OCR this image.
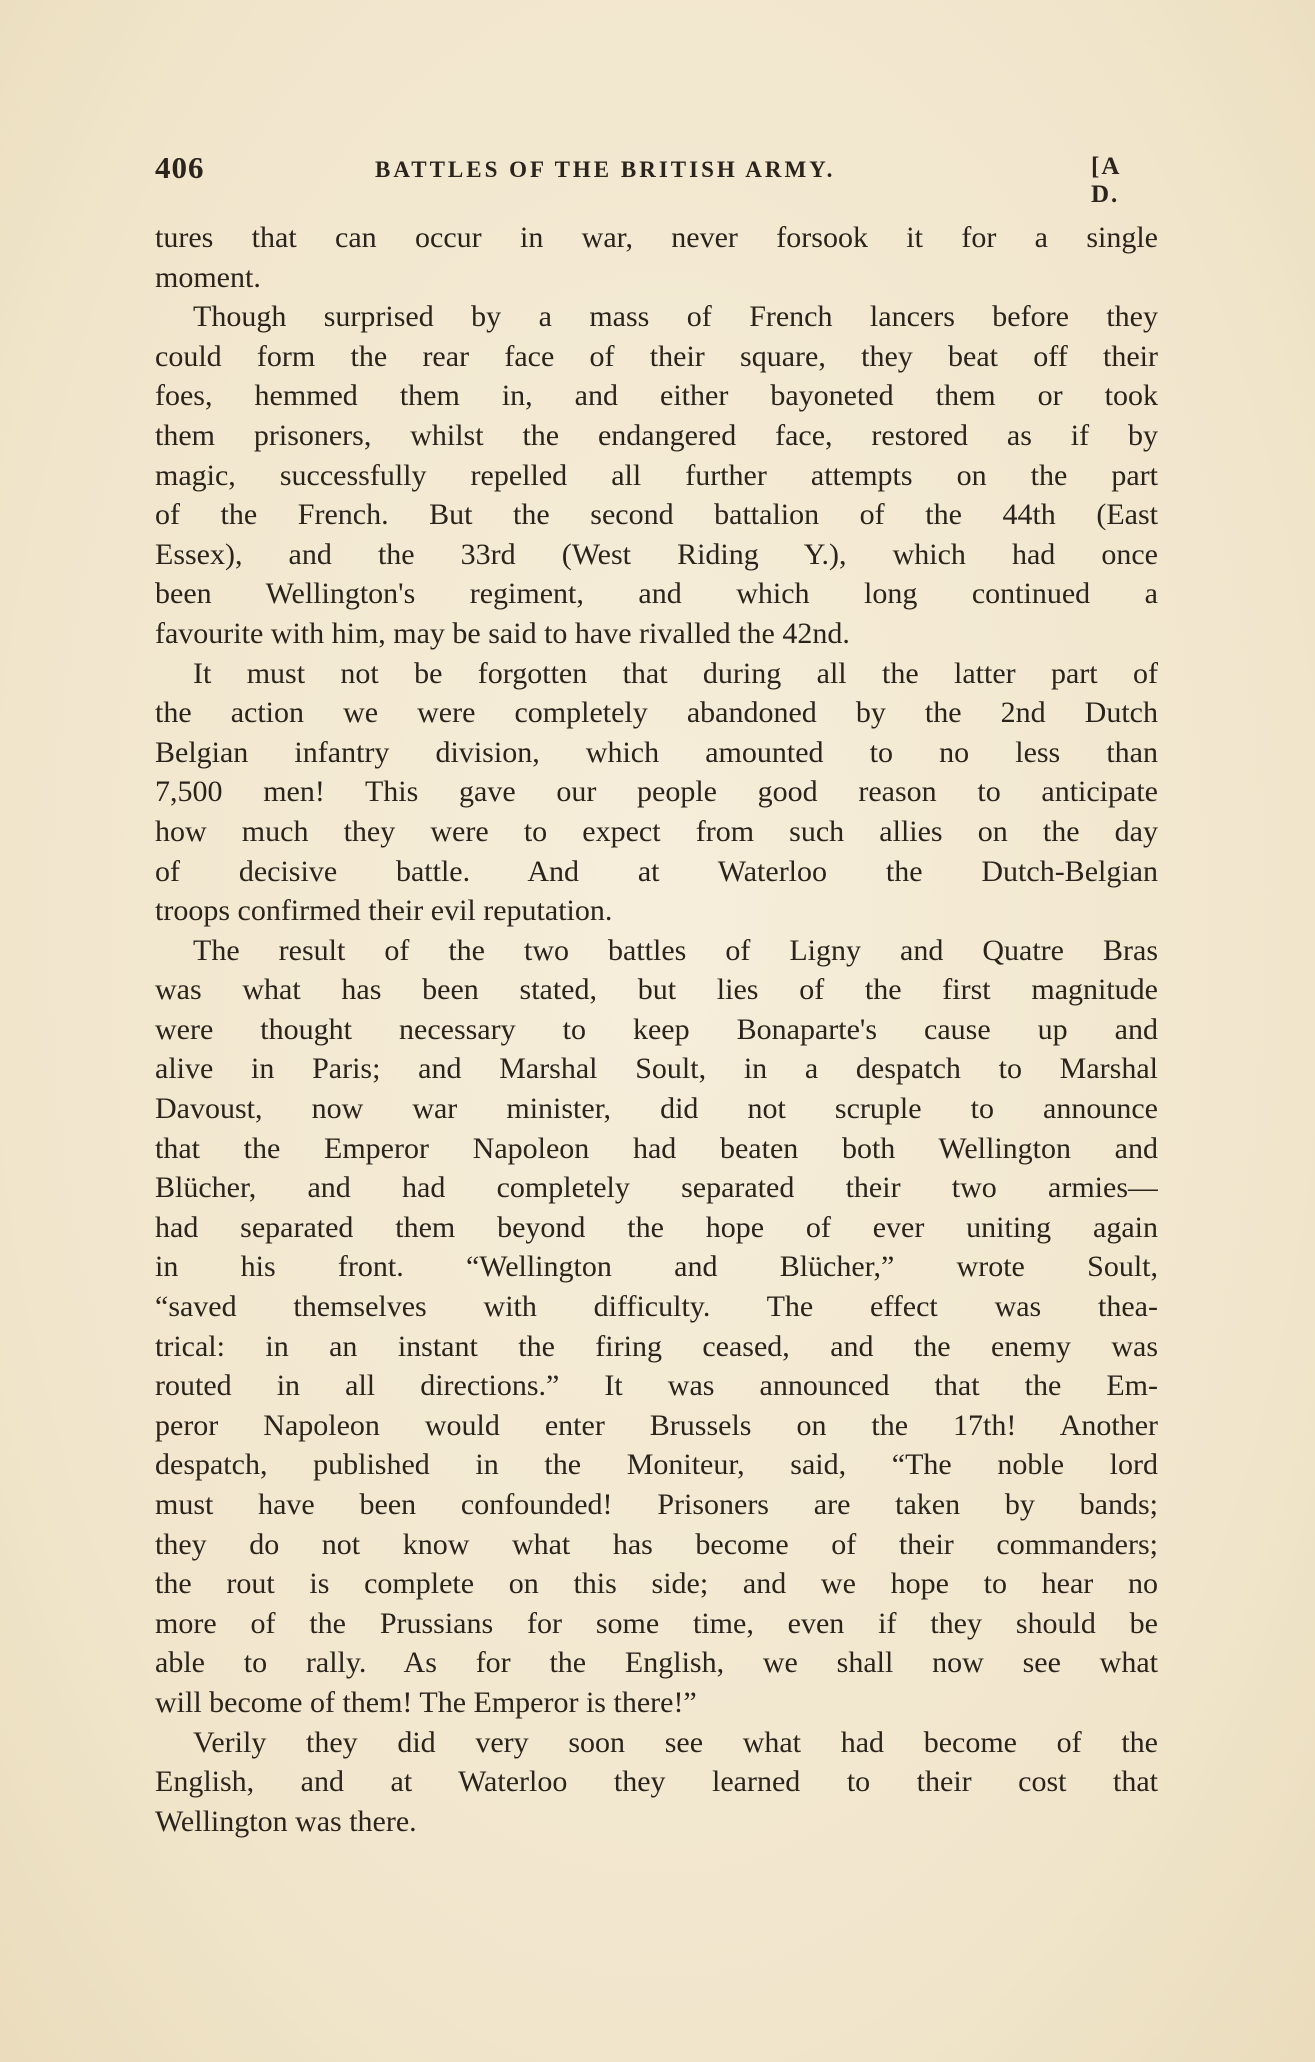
406	BATTLES OF THE BRITISH ARMY.	[A D.
tures that can occur in war, never forsook it for a single
moment.
Though surprised by a mass of French lancers before they
could form the rear face of their square, they beat off their
foes, hemmed them in, and either bayoneted them or took
them prisoners, whilst the endangered face, restored as if by
magic, successfully repelled all further attempts on the part
of the French. But the second battalion of the 44th (East
Essex), and the 33rd (West Riding Y.), which had once
been Wellington's regiment, and which long continued a
favourite with him, may be said to have rivalled the 42nd.
It must not be forgotten that during all the latter part of
the action we were completely abandoned by the 2nd Dutch
Belgian infantry division, which amounted to no less than
7,500 men! This gave our people good reason to anticipate
how much they were to expect from such allies on the day
of decisive battle. And at Waterloo the Dutch-Belgian
troops confirmed their evil reputation.
The result of the two battles of Ligny and Quatre Bras
was what has been stated, but lies of the first magnitude
were thought necessary to keep Bonaparte's cause up and
alive in Paris; and Marshal Soult, in a despatch to Marshal
Davoust, now war minister, did not scruple to announce
that the Emperor Napoleon had beaten both Wellington and
Blücher, and had completely separated their two armies—
had separated them beyond the hope of ever uniting again
in his front. “Wellington and Blücher,” wrote Soult,
“saved themselves with difficulty. The effect was thea-
trical: in an instant the firing ceased, and the enemy was
routed in all directions.” It was announced that the Em-
peror Napoleon would enter Brussels on the 17th! Another
despatch, published in the Moniteur, said, “The noble lord
must have been confounded! Prisoners are taken by bands;
they do not know what has become of their commanders;
the rout is complete on this side; and we hope to hear no
more of the Prussians for some time, even if they should be
able to rally. As for the English, we shall now see what
will become of them! The Emperor is there!”
Verily they did very soon see what had become of the
English, and at Waterloo they learned to their cost that
Wellington was there.
